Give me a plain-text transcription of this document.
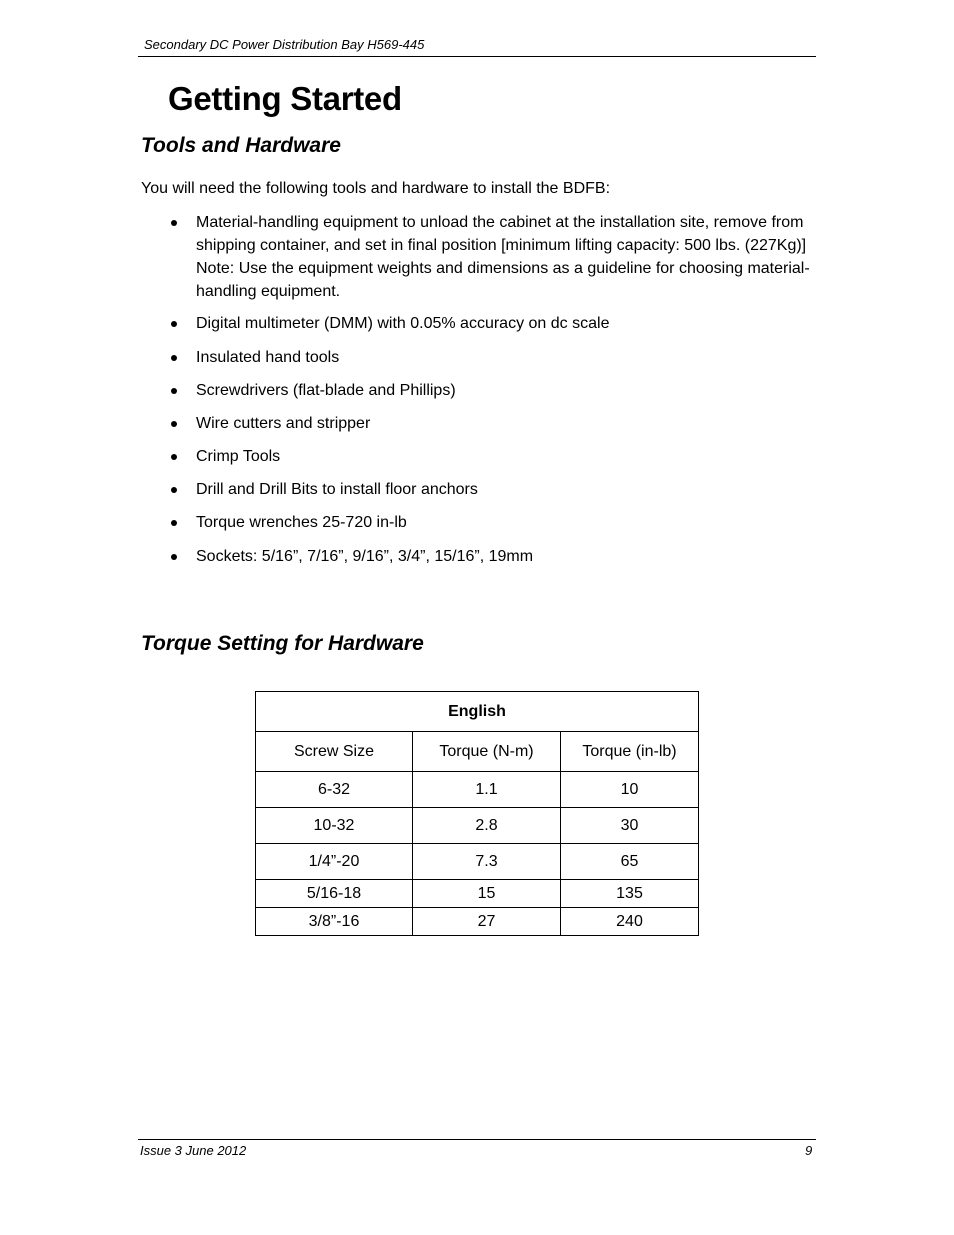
Secondary DC Power Distribution Bay H569-445
Getting Started
Tools and Hardware
You will need the following tools and hardware to install the BDFB:
Material-handling equipment to unload the cabinet at the installation site, remove from shipping container, and set in final position [minimum lifting capacity: 500 lbs. (227Kg)] Note: Use the equipment weights and dimensions as a guideline for choosing material-handling equipment.
Digital multimeter (DMM) with 0.05% accuracy on dc scale
Insulated hand tools
Screwdrivers (flat-blade and Phillips)
Wire cutters and stripper
Crimp Tools
Drill and Drill Bits to install floor anchors
Torque wrenches 25-720 in-lb
Sockets: 5/16”, 7/16”, 9/16”, 3/4”, 15/16”, 19mm
Torque Setting for Hardware
English		
Screw Size	Torque (N-m)	Torque (in-lb)
6-32	1.1	10
10-32	2.8	30
1/4”-20	7.3	65
5/16-18	15	135
3/8”-16	27	240
Issue 3 June 2012	9
